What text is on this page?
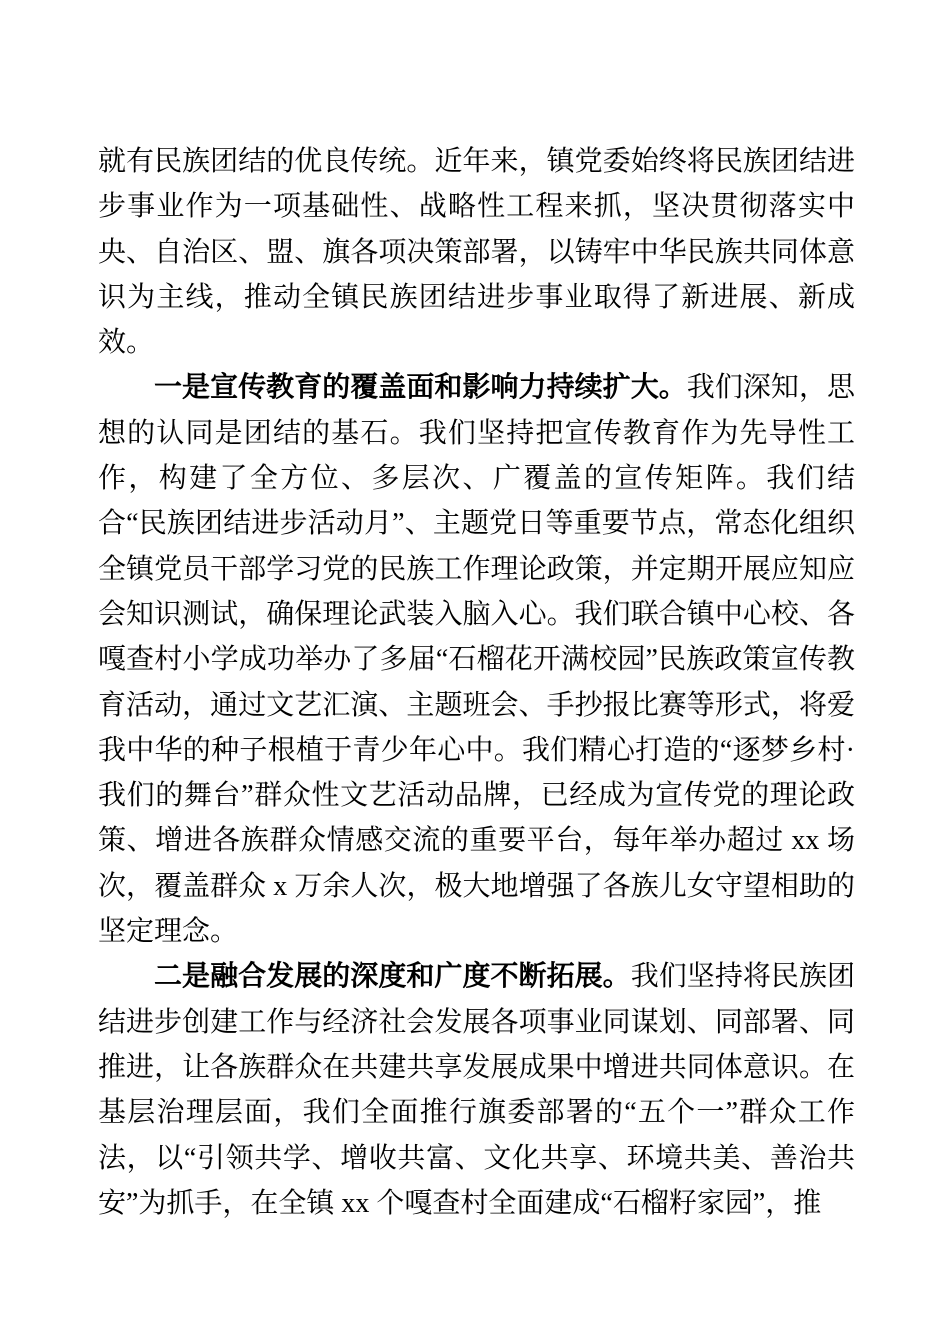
就有民族团结的优良传统。近年来，镇党委始终将民族团结进步事业作为一项基础性、战略性工程来抓，坚决贯彻落实中央、自治区、盟、旗各项决策部署，以铸牢中华民族共同体意识为主线，推动全镇民族团结进步事业取得了新进展、新成效。

一是宣传教育的覆盖面和影响力持续扩大。我们深知，思想的认同是团结的基石。我们坚持把宣传教育作为先导性工作，构建了全方位、多层次、广覆盖的宣传矩阵。我们结合“民族团结进步活动月”、主题党日等重要节点，常态化组织全镇党员干部学习党的民族工作理论政策，并定期开展应知应会知识测试，确保理论武装入脑入心。我们联合镇中心校、各嘎查村小学成功举办了多届“石榴花开满校园”民族政策宣传教育活动，通过文艺汇演、主题班会、手抄报比赛等形式，将爱我中华的种子根植于青少年心中。我们精心打造的“逐梦乡村·我们的舞台”群众性文艺活动品牌，已经成为宣传党的理论政策、增进各族群众情感交流的重要平台，每年举办超过 xx 场次，覆盖群众 x 万余人次，极大地增强了各族儿女守望相助的坚定理念。

二是融合发展的深度和广度不断拓展。我们坚持将民族团结进步创建工作与经济社会发展各项事业同谋划、同部署、同推进，让各族群众在共建共享发展成果中增进共同体意识。在基层治理层面，我们全面推行旗委部署的“五个一”群众工作法，以“引领共学、增收共富、文化共享、环境共美、善治共安”为抓手，在全镇 xx 个嘎查村全面建成“石榴籽家园”，推
